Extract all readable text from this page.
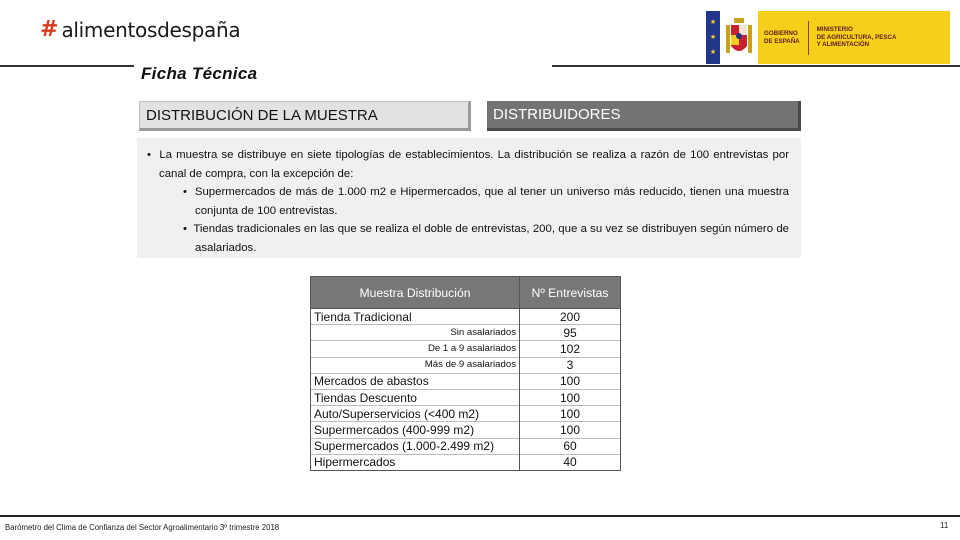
# alimentosdespaña	★
★
★
GOBIERNO
DE ESPAÑA
MINISTERIO
DE AGRICULTURA, PESCA
Y ALIMENTACIÓN
Ficha Técnica
DISTRIBUCIÓN DE LA MUESTRA	DISTRIBUIDORES

• La muestra se distribuye en siete tipologías de establecimientos. La distribución se realiza a razón de 100 entrevistas por canal de compra, con la excepción de:

• Supermercados de más de 1.000 m2 e Hipermercados, que al tener un universo más reducido, tienen una muestra conjunta de 100 entrevistas.

• Tiendas tradicionales en las que se realiza el doble de entrevistas, 200, que a su vez se distribuyen según número de asalariados.

Muestra Distribución	Nº Entrevistas
Tienda Tradicional	200
Sin asalariados	95
De 1 a 9 asalariados	102
Más de 9 asalariados	3
Mercados de abastos	100
Tiendas Descuento	100
Auto/Superservicios (<400 m2)	100
Supermercados (400-999 m2)	100
Supermercados (1.000-2.499 m2)	60
Hipermercados	40
Barómetro del Clima de Confianza del Sector Agroalimentario 3º trimestre 2018	11
